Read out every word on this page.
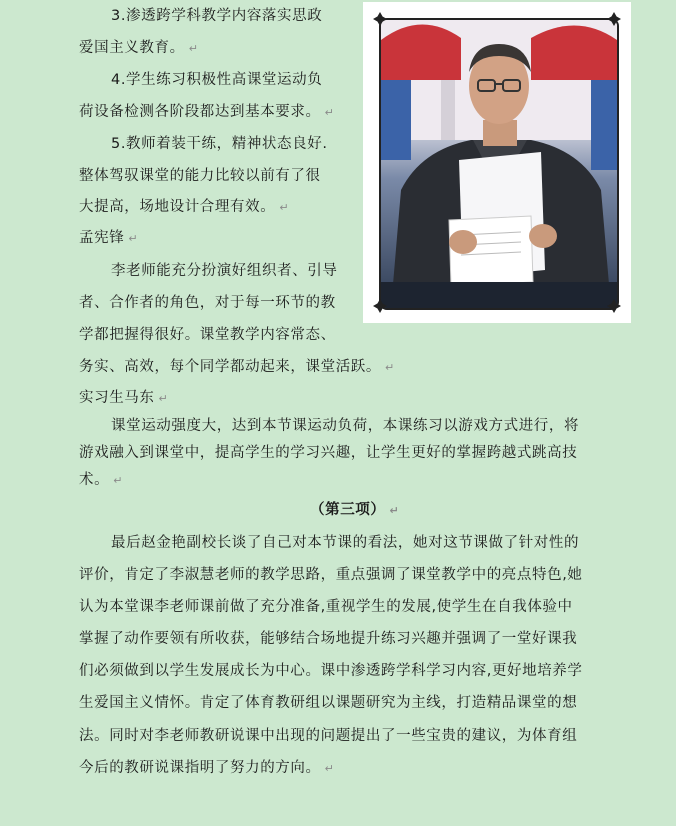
3.渗透跨学科教学内容落实思政
爱国主义教育。 ↵
4.学生练习积极性高课堂运动负
荷设备检测各阶段都达到基本要求。 ↵
5.教师着装干练，精神状态良好.
整体驾驭课堂的能力比较以前有了很
大提高，场地设计合理有效。 ↵
孟宪锋 ↵
李老师能充分扮演好组织者、引导
者、合作者的角色，对于每一环节的教
学都把握得很好。课堂教学内容常态、
务实、高效，每个同学都动起来，课堂活跃。 ↵
实习生马东 ↵
课堂运动强度大，达到本节课运动负荷，本课练习以游戏方式进行，将
游戏融入到课堂中，提高学生的学习兴趣，让学生更好的掌握跨越式跳高技
术。 ↵
（第三项） ↵
最后赵金艳副校长谈了自己对本节课的看法，她对这节课做了针对性的
评价，肯定了李淑慧老师的教学思路，重点强调了课堂教学中的亮点特色,她
认为本堂课李老师课前做了充分准备,重视学生的发展,使学生在自我体验中
掌握了动作要领有所收获，能够结合场地提升练习兴趣并强调了一堂好课我
们必须做到以学生发展成长为中心。课中渗透跨学科学习内容,更好地培养学
生爱国主义情怀。肯定了体育教研组以课题研究为主线，打造精品课堂的想
法。同时对李老师教研说课中出现的问题提出了一些宝贵的建议，为体育组
今后的教研说课指明了努力的方向。 ↵
